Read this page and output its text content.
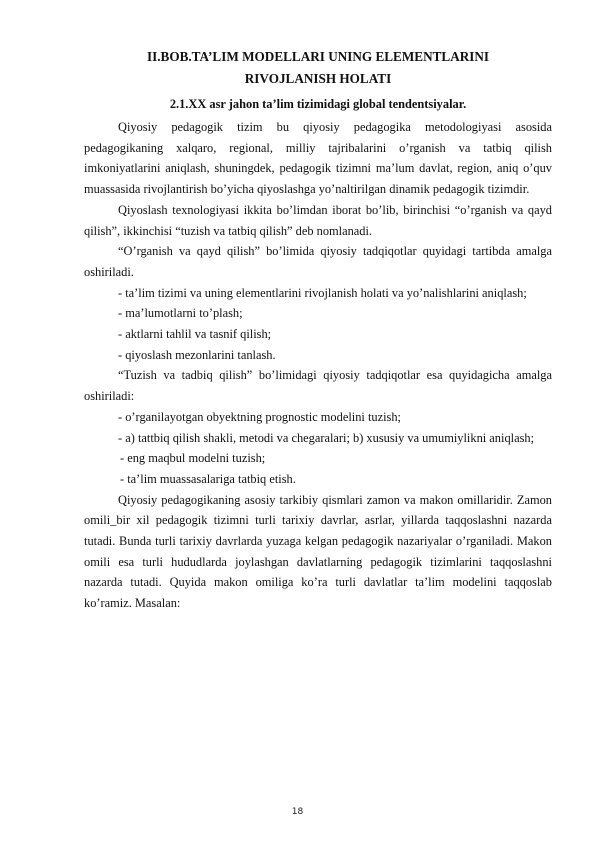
II.BOB.TA’LIM MODELLARI UNING ELEMENTLARINI
RIVOJLANISH HOLATI
2.1.XX asr jahon ta’lim tizimidagi global tendentsiyalar.

Qiyosiy pedagogik tizim bu qiyosiy pedagogika metodologiyasi asosida pedagogikaning xalqaro, regional, milliy tajribalarini o’rganish va tatbiq qilish imkoniyatlarini aniqlash, shuningdek, pedagogik tizimni ma’lum davlat, region, aniq o’quv muassasida rivojlantirish bo’yicha qiyoslashga yo’naltirilgan dinamik pedagogik tizimdir.

Qiyoslash texnologiyasi ikkita bo’limdan iborat bo’lib, birinchisi “o’rganish va qayd qilish”, ikkinchisi “tuzish va tatbiq qilish” deb nomlanadi.

“O’rganish va qayd qilish” bo’limida qiyosiy tadqiqotlar quyidagi tartibda amalga oshiriladi.

- ta’lim tizimi va uning elementlarini rivojlanish holati va yo’nalishlarini aniqlash;

- ma’lumotlarni to’plash;

- aktlarni tahlil va tasnif qilish;

- qiyoslash mezonlarini tanlash.

“Tuzish va tadbiq qilish” bo’limidagi qiyosiy tadqiqotlar esa quyidagicha amalga oshiriladi:

- o’rganilayotgan obyektning prognostic modelini tuzish;

- a) tattbiq qilish shakli, metodi va chegaralari; b) xususiy va umumiylikni aniqlash;

- eng maqbul modelni tuzish;

- ta’lim muassasalariga tatbiq etish.

Qiyosiy pedagogikaning asosiy tarkibiy qismlari zamon va makon omillaridir. Zamon omili_bir xil pedagogik tizimni turli tarixiy davrlar, asrlar, yillarda taqqoslashni nazarda tutadi. Bunda turli tarixiy davrlarda yuzaga kelgan pedagogik nazariyalar o’rganiladi. Makon omili esa turli hududlarda joylashgan davlatlarning pedagogik tizimlarini taqqoslashni nazarda tutadi. Quyida makon omiliga ko’ra turli davlatlar ta’lim modelini taqqoslab ko’ramiz. Masalan:

18
